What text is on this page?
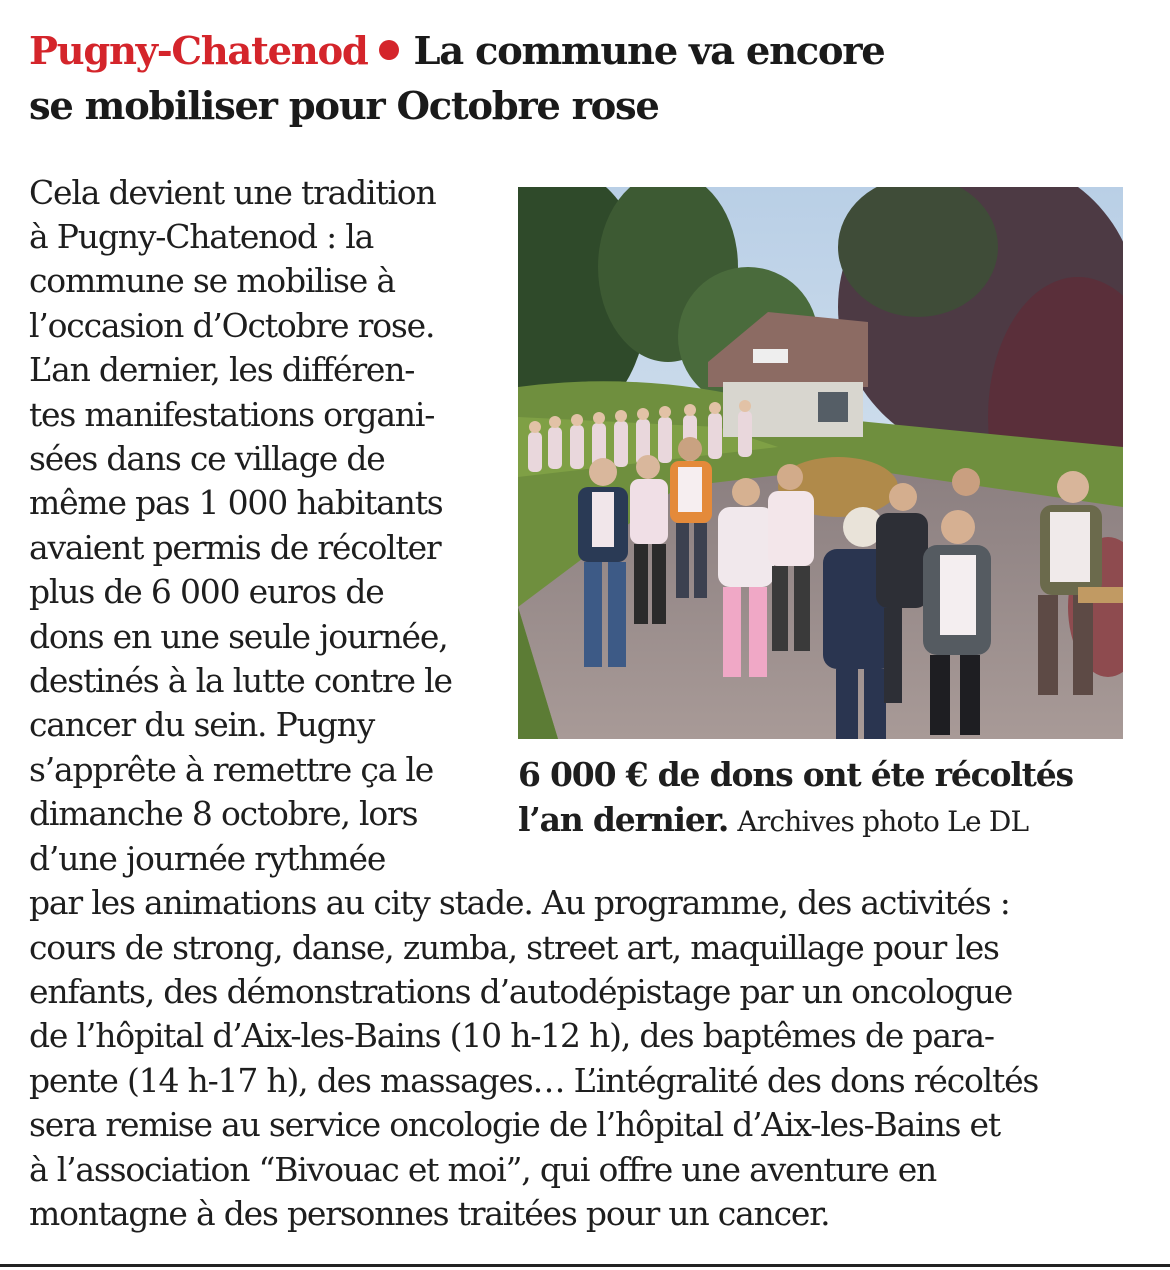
Pugny-Chatenod La commune va encore
se mobiliser pour Octobre rose
Cela devient une tradition
à Pugny-Chatenod : la
commune se mobilise à
l’occasion d’Octobre rose.
L’an dernier, les différen-
tes manifestations organi-
sées dans ce village de
même pas 1 000 habitants
avaient permis de récolter
plus de 6 000 euros de
dons en une seule journée,
destinés à la lutte contre le
cancer du sein. Pugny
s’apprête à remettre ça le
dimanche 8 octobre, lors
d’une journée rythmée
par les animations au city stade. Au programme, des activités :
cours de strong, danse, zumba, street art, maquillage pour les
enfants, des démonstrations d’autodépistage par un oncologue
de l’hôpital d’Aix-les-Bains (10 h-12 h), des baptêmes de para-
pente (14 h-17 h), des massages… L’intégralité des dons récoltés
sera remise au service oncologie de l’hôpital d’Aix-les-Bains et
à l’association “Bivouac et moi”, qui offre une aventure en
montagne à des personnes traitées pour un cancer.
6 000 € de dons ont éte récoltés
l’an dernier. Archives photo Le DL
